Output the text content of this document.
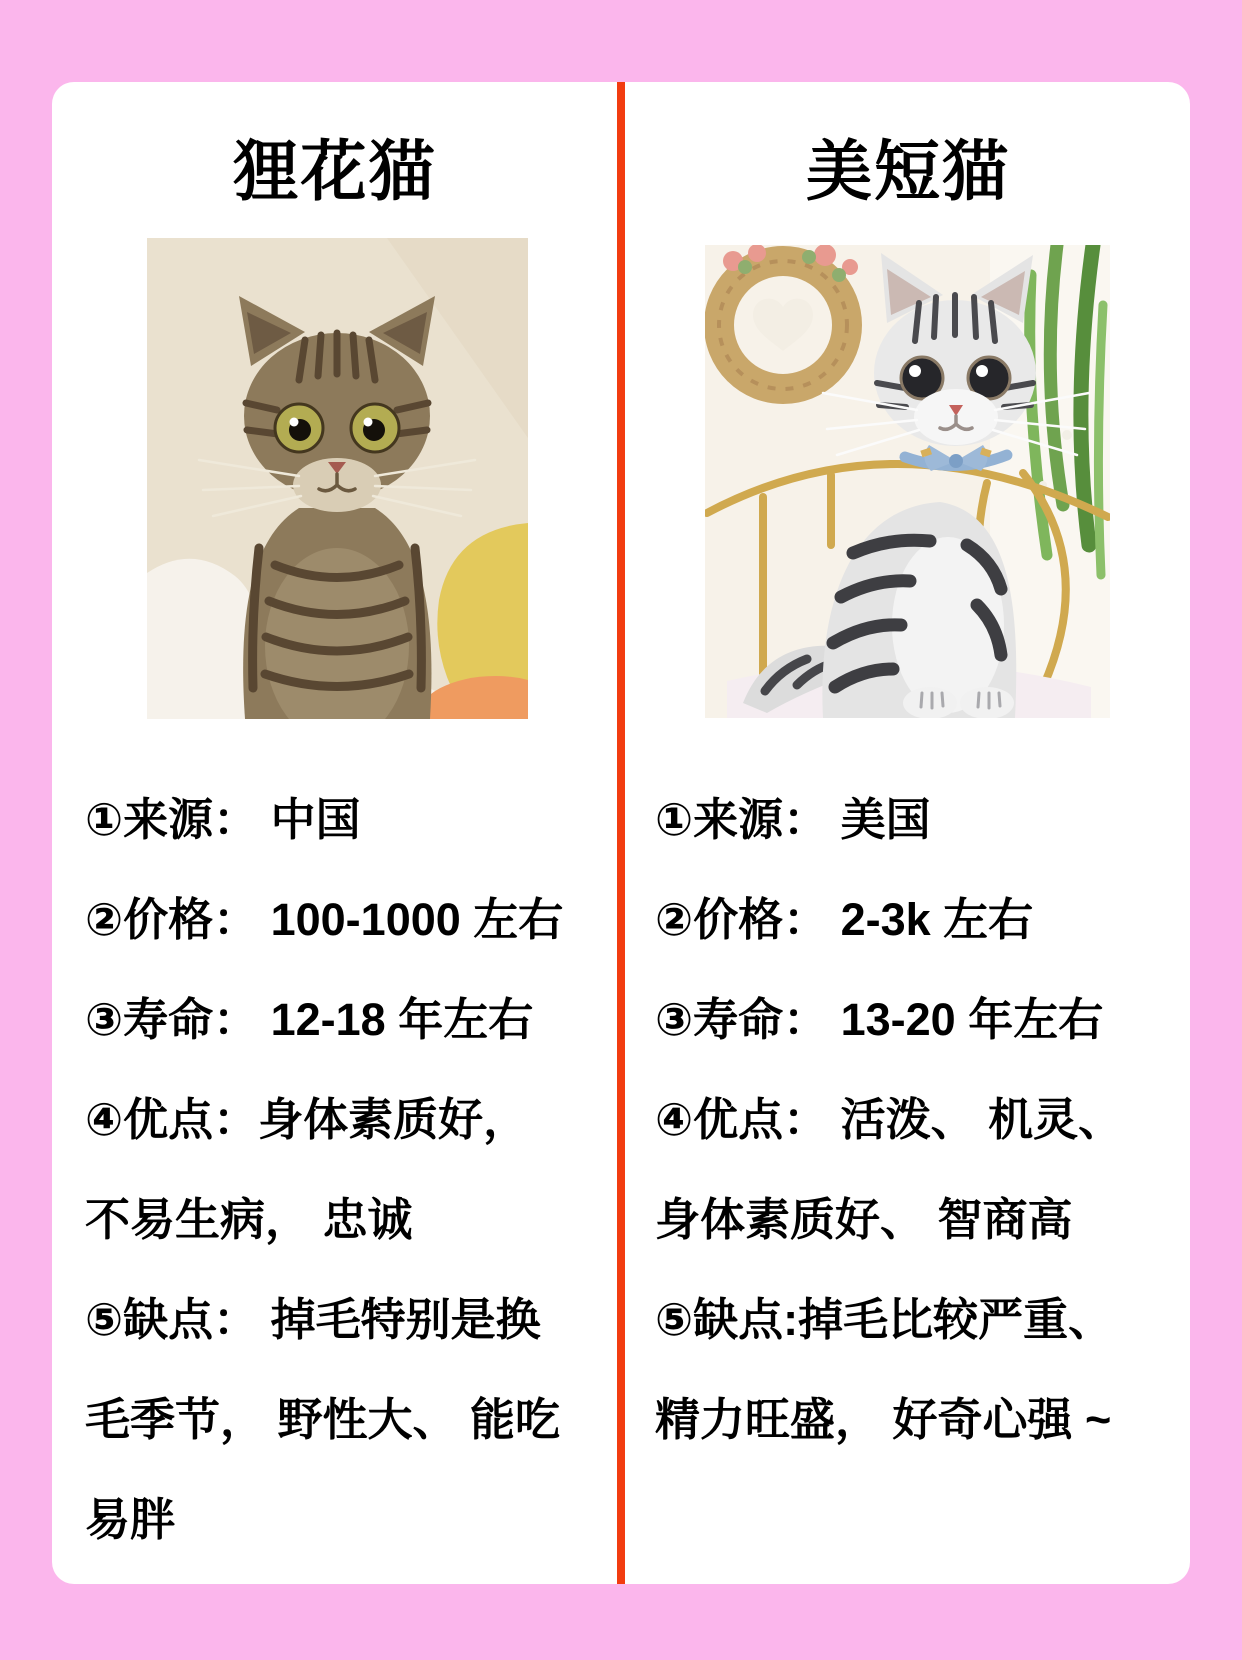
狸花猫
①来源： 中国
②价格： 100-1000 左右
③寿命： 12-18 年左右
④优点：身体素质好，
不易生病， 忠诚
⑤缺点： 掉毛特别是换
毛季节， 野性大、 能吃
易胖
美短猫
①来源： 美国
②价格： 2-3k 左右
③寿命： 13-20 年左右
④优点： 活泼、 机灵、
身体素质好、 智商高
⑤缺点:掉毛比较严重、
精力旺盛， 好奇心强 ~
